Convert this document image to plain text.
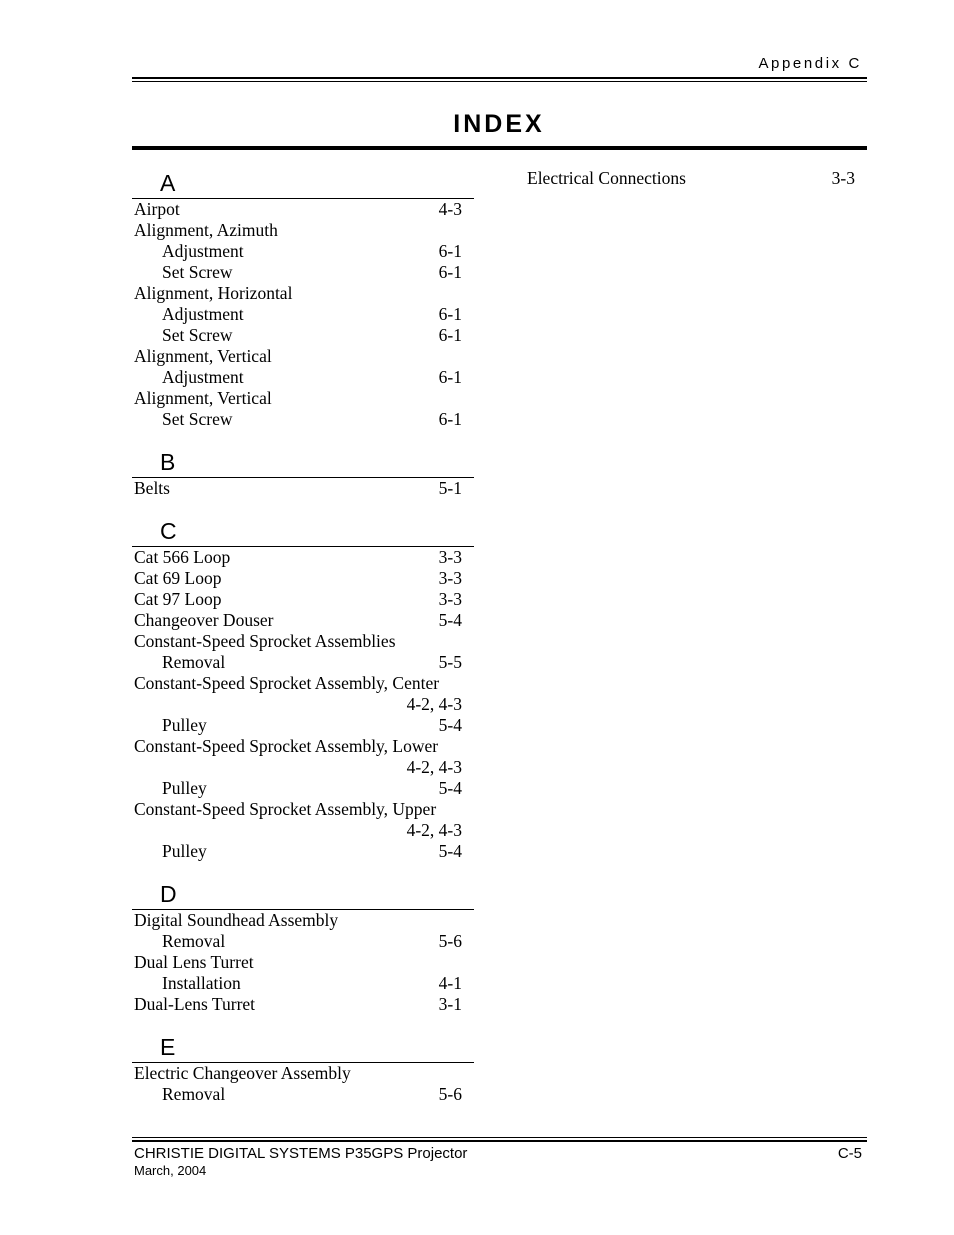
Appendix C
INDEX
A
Airpot	4-3
Alignment, Azimuth
Adjustment	6-1
Set Screw	6-1
Alignment, Horizontal
Adjustment	6-1
Set Screw	6-1
Alignment, Vertical
Adjustment	6-1
Alignment, Vertical
Set Screw	6-1
B
Belts	5-1
C
Cat 566 Loop	3-3
Cat 69 Loop	3-3
Cat 97 Loop	3-3
Changeover Douser	5-4
Constant-Speed Sprocket Assemblies
Removal	5-5
Constant-Speed Sprocket Assembly, Center
4-2, 4-3
Pulley	5-4
Constant-Speed Sprocket Assembly, Lower
4-2, 4-3
Pulley	5-4
Constant-Speed Sprocket Assembly, Upper
4-2, 4-3
Pulley	5-4
D
Digital Soundhead Assembly
Removal	5-6
Dual Lens Turret
Installation	4-1
Dual-Lens Turret	3-1
E
Electric Changeover Assembly
Removal	5-6
Electrical Connections	3-3
CHRISTIE DIGITAL SYSTEMS P35GPS Projector
March, 2004
C-5
